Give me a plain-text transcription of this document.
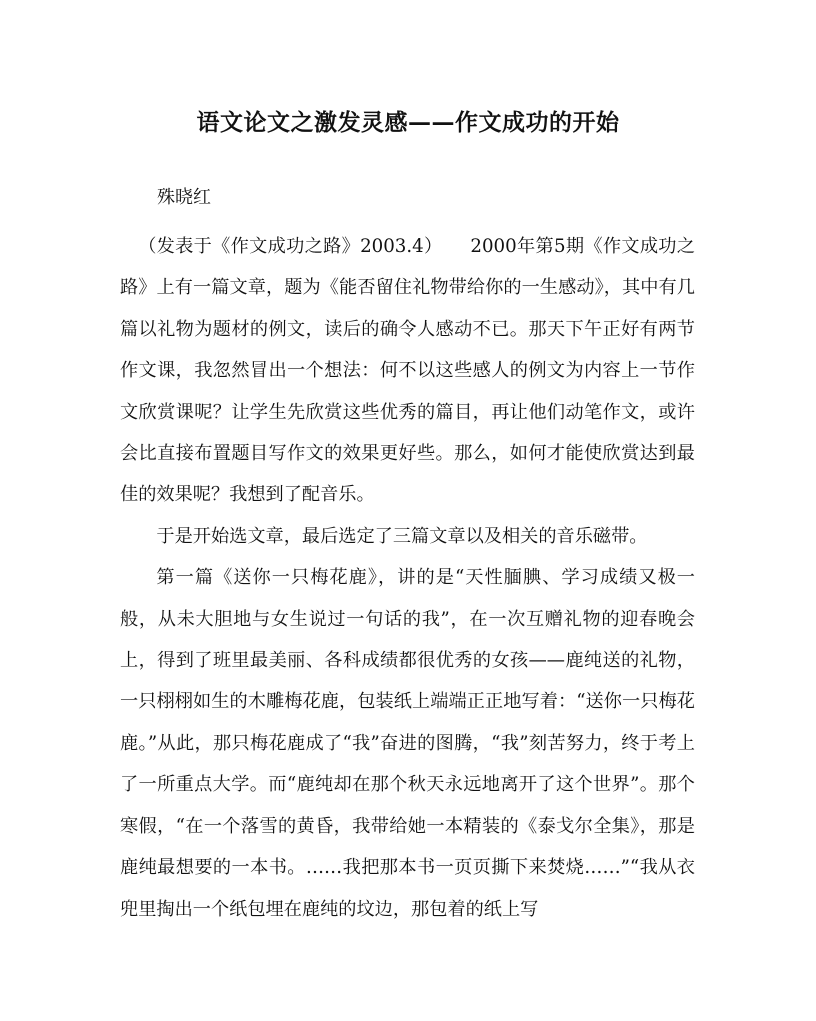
语文论文之激发灵感——作文成功的开始
殊晓红

（发表于《作文成功之路》2003.4）　　2000年第5期《作文成功之路》上有一篇文章，题为《能否留住礼物带给你的一生感动》，其中有几篇以礼物为题材的例文，读后的确令人感动不已。那天下午正好有两节作文课，我忽然冒出一个想法：何不以这些感人的例文为内容上一节作文欣赏课呢？让学生先欣赏这些优秀的篇目，再让他们动笔作文，或许会比直接布置题目写作文的效果更好些。那么，如何才能使欣赏达到最佳的效果呢？我想到了配音乐。

于是开始选文章，最后选定了三篇文章以及相关的音乐磁带。

第一篇《送你一只梅花鹿》，讲的是“天性腼腆、学习成绩又极一般，从未大胆地与女生说过一句话的我”，在一次互赠礼物的迎春晚会上，得到了班里最美丽、各科成绩都很优秀的女孩——鹿纯送的礼物，一只栩栩如生的木雕梅花鹿，包装纸上端端正正地写着：“送你一只梅花鹿。”从此，那只梅花鹿成了“我”奋进的图腾，“我”刻苦努力，终于考上了一所重点大学。而“鹿纯却在那个秋天永远地离开了这个世界”。那个寒假，“在一个落雪的黄昏，我带给她一本精装的《泰戈尔全集》，那是鹿纯最想要的一本书。……我把那本书一页页撕下来焚烧……”“我从衣兜里掏出一个纸包埋在鹿纯的坟边，那包着的纸上写
